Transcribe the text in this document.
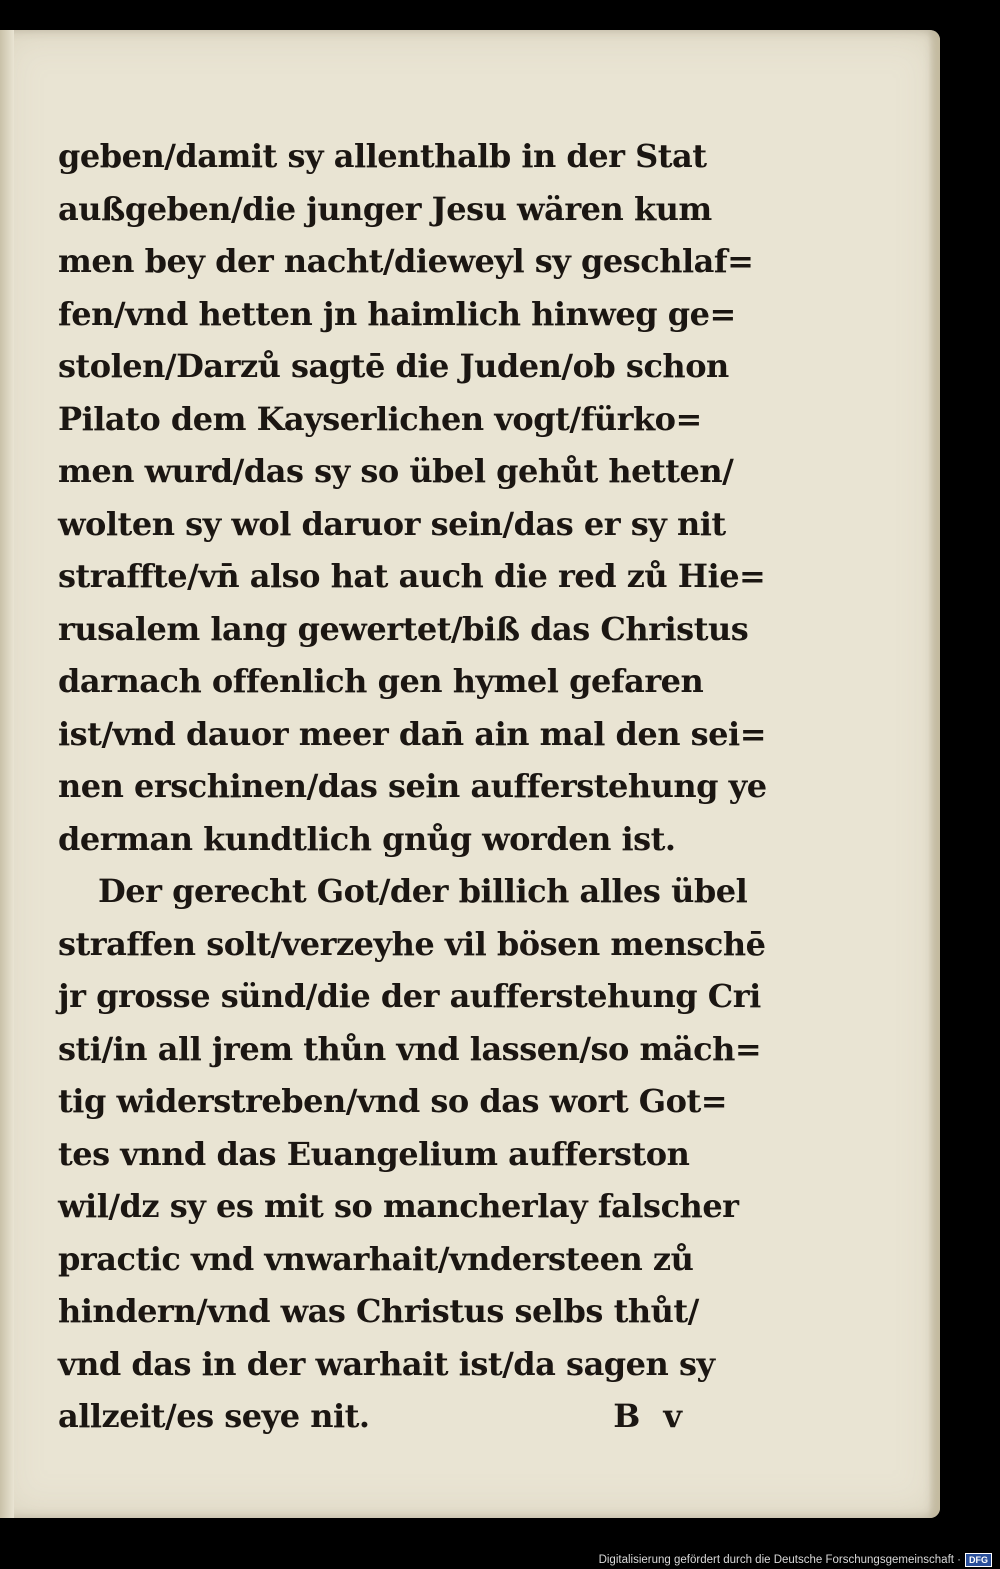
geben/damit sy allenthalb in der Stat
außgeben/die junger Jesu wären kum
men bey der nacht/dieweyl sy geschlaf=
fen/vnd hetten jn haimlich hinweg ge=
stolen/Darzů sagtē die Juden/ob schon
Pilato dem Kayserlichen vogt/fürko=
men wurd/das sy so übel gehůt hetten/
wolten sy wol daruor sein/das er sy nit
straffte/vn̄ also hat auch die red zů Hie=
rusalem lang gewertet/biß das Christus
darnach offenlich gen hymel gefaren
ist/vnd dauor meer dan̄ ain mal den sei=
nen erschinen/das sein aufferstehung ye
derman kundtlich gnůg worden ist.
Der gerecht Got/der billich alles übel
straffen solt/verzeyhe vil bösen menschē
jr grosse sünd/die der aufferstehung Cri
sti/in all jrem thůn vnd lassen/so mäch=
tig widerstreben/vnd so das wort Got=
tes vnnd das Euangelium aufferston
wil/dz sy es mit so mancherlay falscher
practic vnd vnwarhait/vndersteen zů
hindern/vnd was Christus selbs thůt/
vnd das in der warhait ist/da sagen sy
allzeit/es seye nit.	B v
Digitalisierung gefördert durch die Deutsche Forschungsgemeinschaft · DFG
